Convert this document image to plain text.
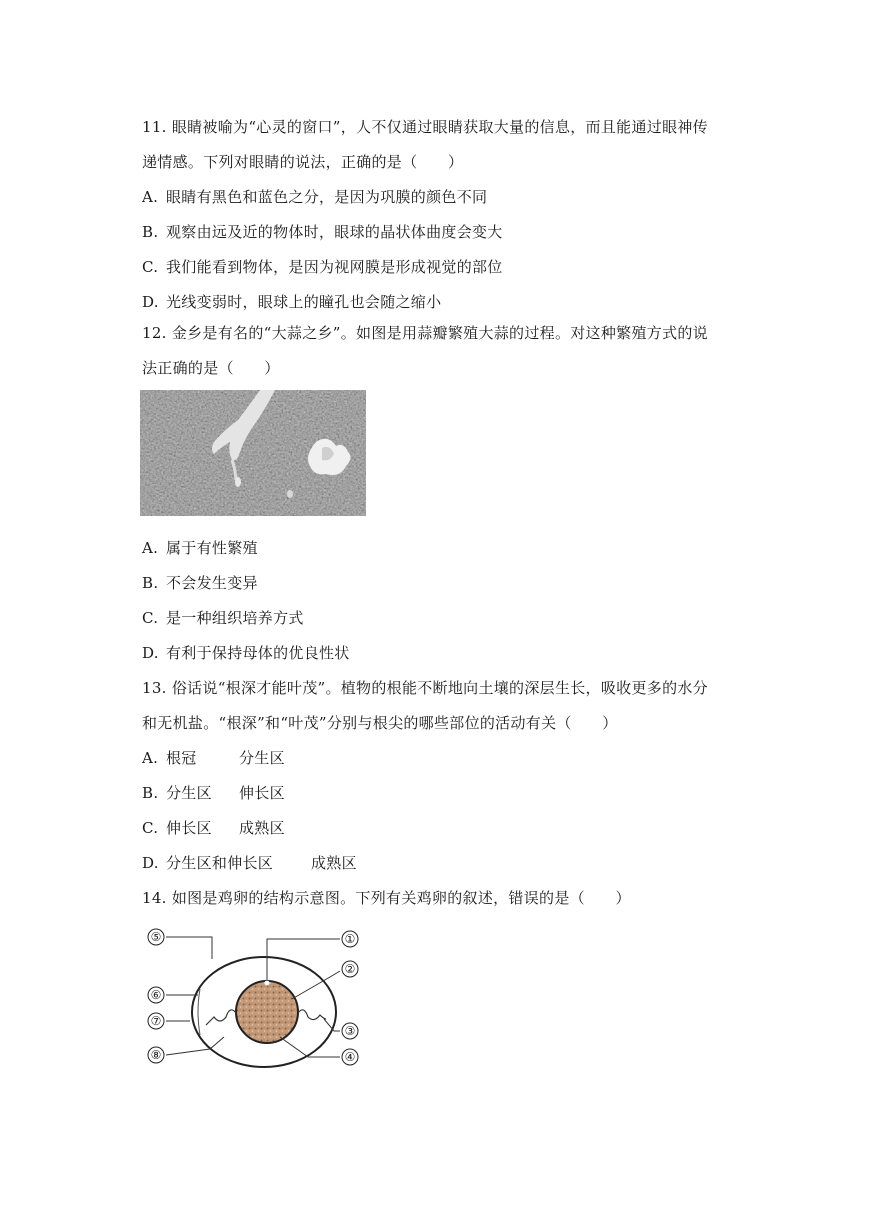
11. 眼睛被喻为“心灵的窗口”，人不仅通过眼睛获取大量的信息，而且能通过眼神传
递情感。下列对眼睛的说法，正确的是（　　）
A. 眼睛有黑色和蓝色之分，是因为巩膜的颜色不同
B. 观察由远及近的物体时，眼球的晶状体曲度会变大
C. 我们能看到物体，是因为视网膜是形成视觉的部位
D. 光线变弱时，眼球上的瞳孔也会随之缩小
12. 金乡是有名的“大蒜之乡”。如图是用蒜瓣繁殖大蒜的过程。对这种繁殖方式的说
法正确的是（　　）
A. 属于有性繁殖
B. 不会发生变异
C. 是一种组织培养方式
D. 有利于保持母体的优良性状
13. 俗话说“根深才能叶茂”。植物的根能不断地向土壤的深层生长，吸收更多的水分
和无机盐。“根深”和“叶茂”分别与根尖的哪些部位的活动有关（　　）
A. 根冠	分生区
B. 分生区 伸长区
C. 伸长区 成熟区
D. 分生区和伸长区	成熟区
14. 如图是鸡卵的结构示意图。下列有关鸡卵的叙述，错误的是（　　）
①
②
③
④
⑤
⑥
⑦
⑧
